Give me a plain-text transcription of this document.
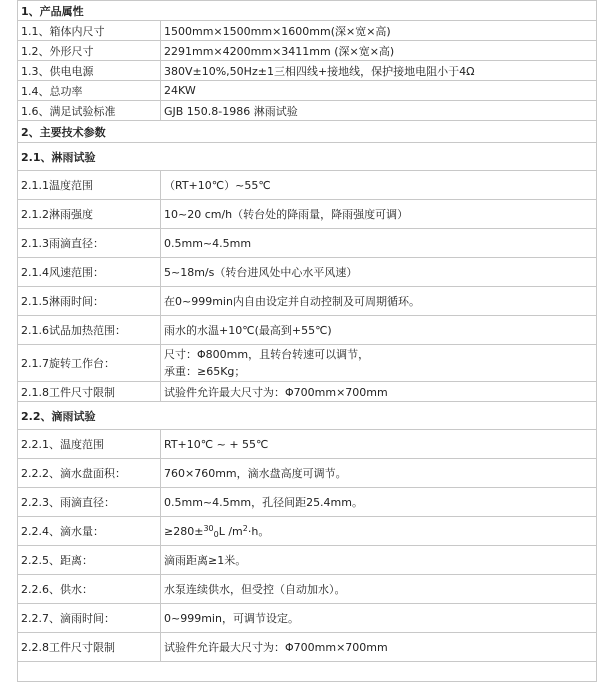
1、产品属性	
1.1、箱体内尺寸	1500mm×1500mm×1600mm(深×宽×高)
1.2、外形尺寸	2291mm×4200mm×3411mm (深×宽×高)
1.3、供电电源	380V±10%,50Hz±1三相四线+接地线，保护接地电阻小于4Ω
1.4、总功率	24KW
1.6、满足试验标准	GJB 150.8-1986 淋雨试验
2、主要技术参数	
2.1、淋雨试验	
2.1.1温度范围	（RT+10℃）~55℃
2.1.2淋雨强度	10~20 cm/h（转台处的降雨量，降雨强度可调）
2.1.3雨滴直径：	0.5mm~4.5mm
2.1.4风速范围：	5~18m/s（转台进风处中心水平风速）
2.1.5淋雨时间：	在0~999min内自由设定并自动控制及可周期循环。
2.1.6试品加热范围：	雨水的水温+10℃(最高到+55℃)
2.1.7旋转工作台：	尺寸：Φ800mm，且转台转速可以调节，
承重：≥65Kg；

2.1.8工件尺寸限制	试验件允许最大尺寸为：Φ700mm×700mm
2.2、滴雨试验	
2.2.1、温度范围	RT+10℃ ~ + 55℃
2.2.2、滴水盘面积：	760×760mm，滴水盘高度可调节。
2.2.3、雨滴直径：	0.5mm~4.5mm，孔径间距25.4mm。
2.2.4、滴水量：	≥280±$^{30}_0$L $/m^2\cdot h$。
2.2.5、距离：	滴雨距离≥1米。
2.2.6、供水：	水泵连续供水，但受控（自动加水）。
2.2.7、滴雨时间：	0~999min，可调节设定。
2.2.8工件尺寸限制	试验件允许最大尺寸为：Φ700mm×700mm
